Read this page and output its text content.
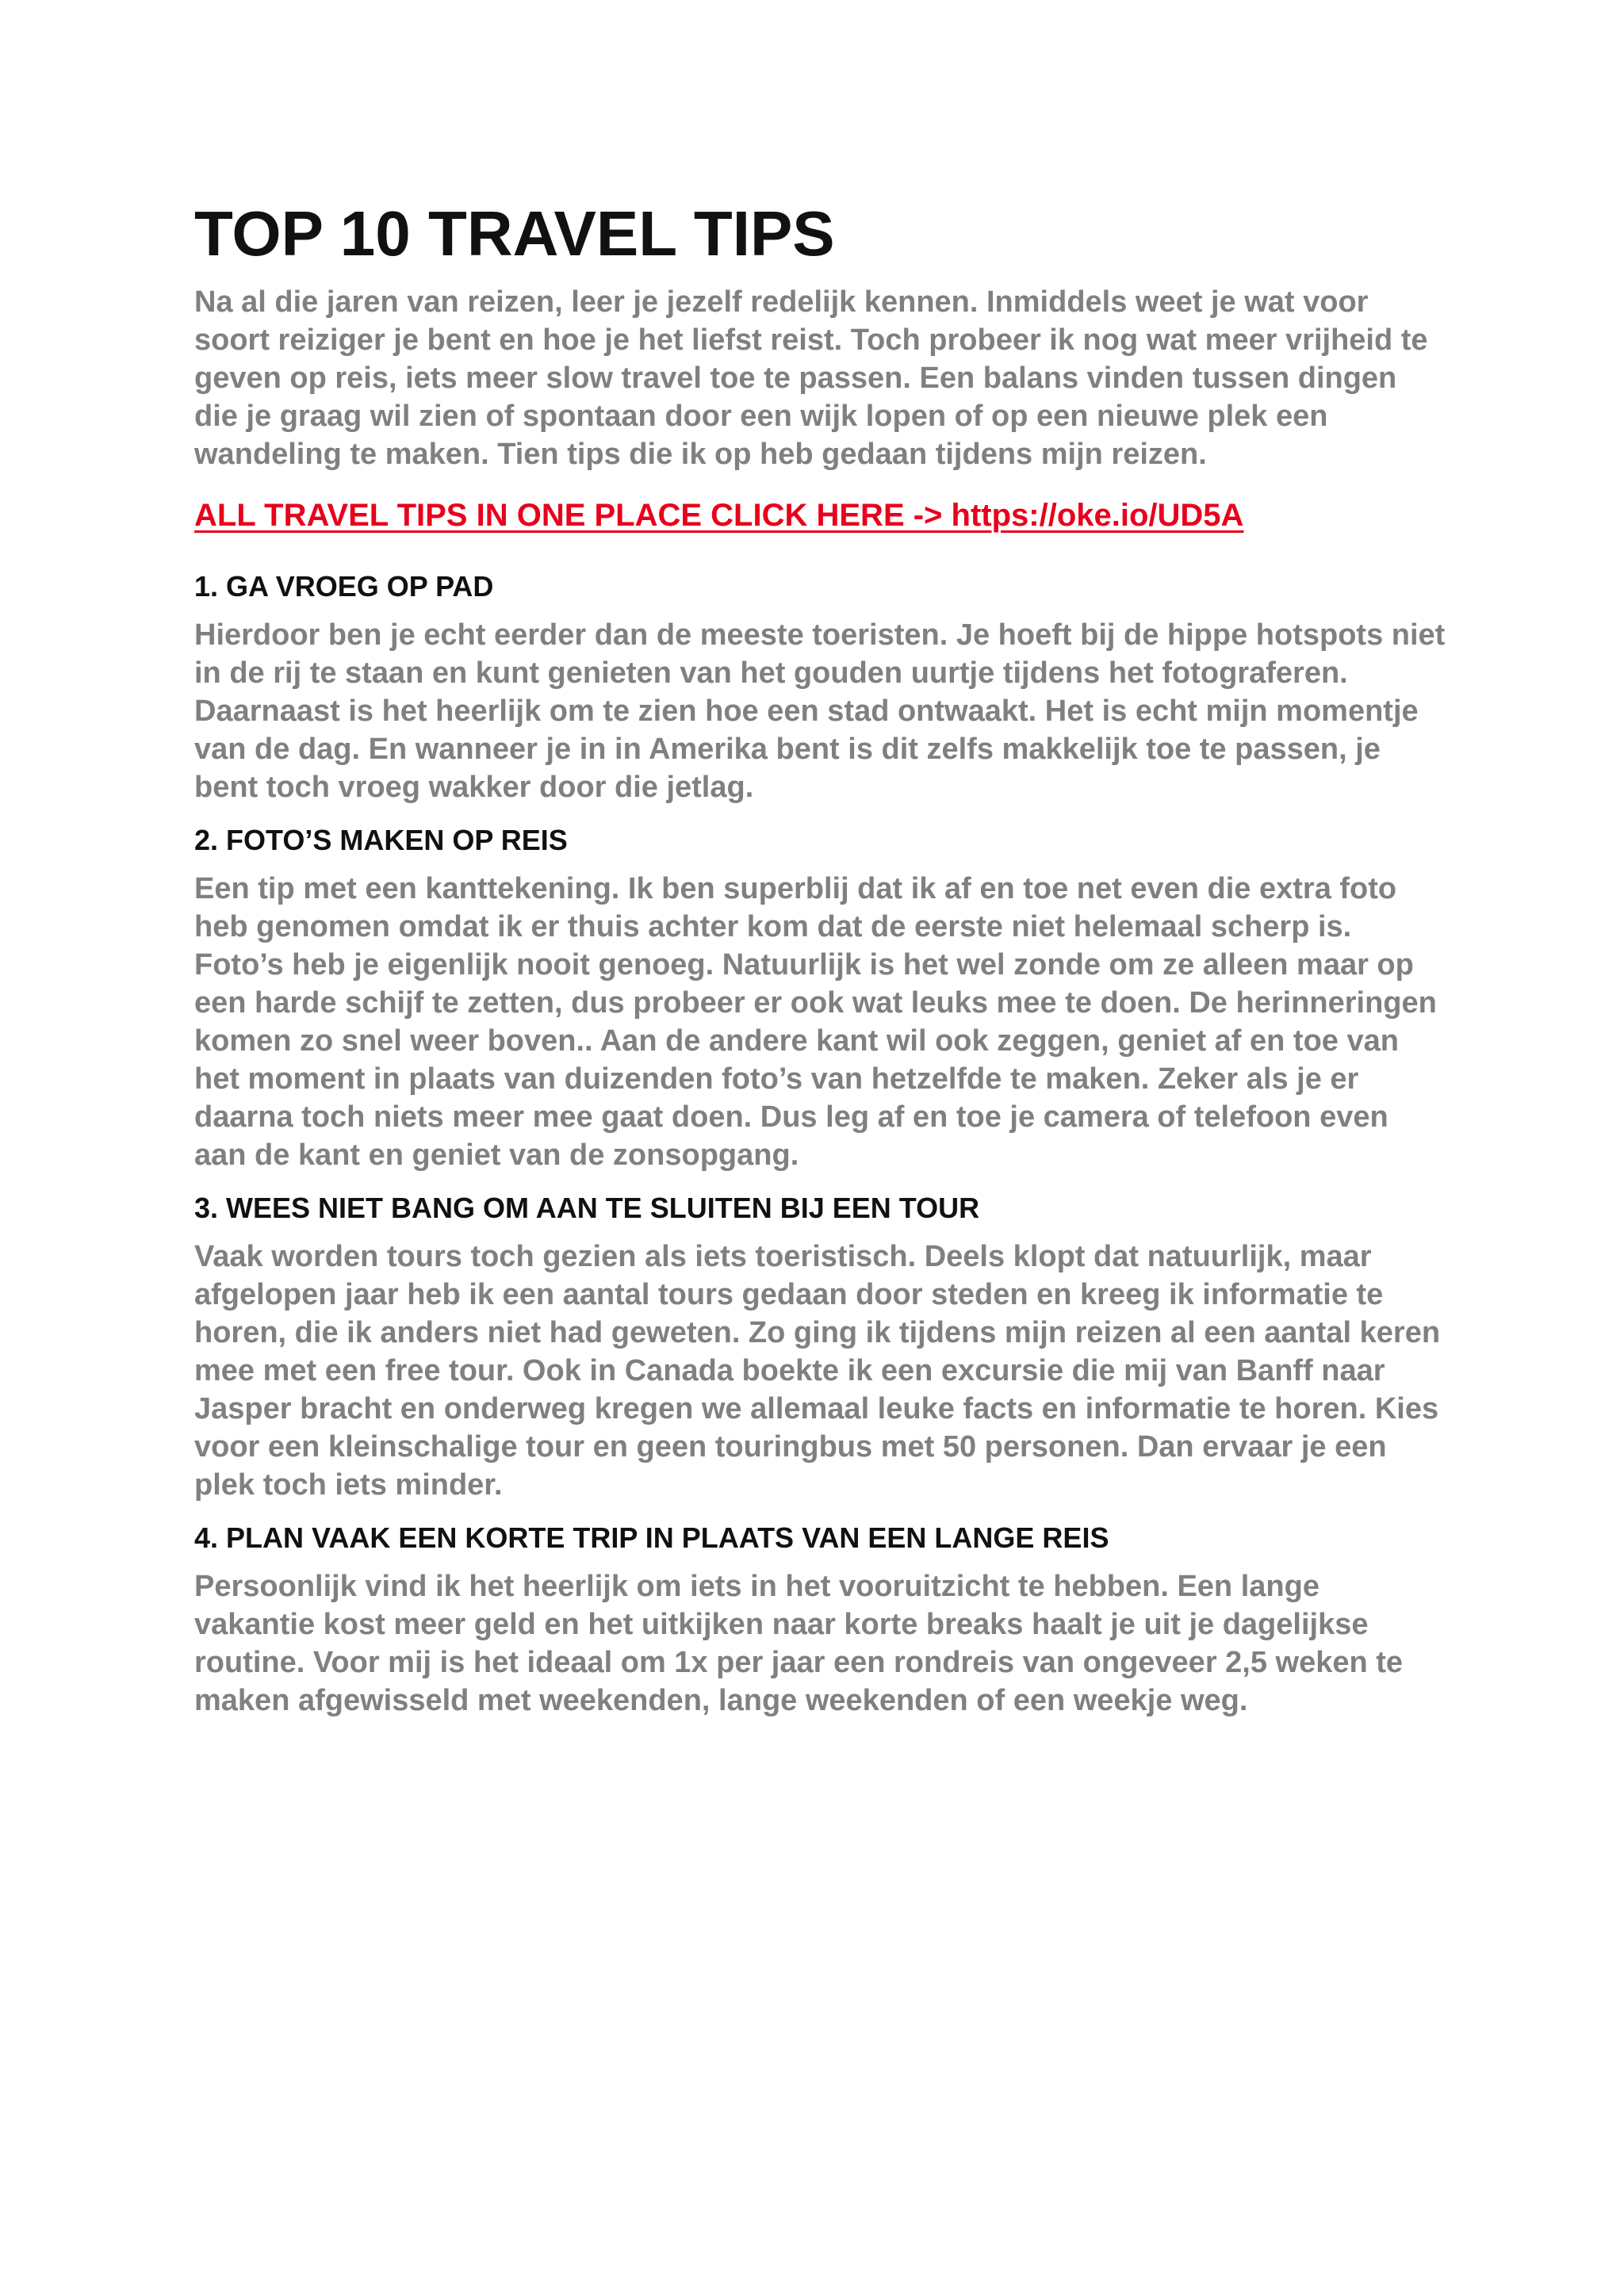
TOP 10 TRAVEL TIPS

Na al die jaren van reizen, leer je jezelf redelijk kennen. Inmiddels weet je wat voor soort reiziger je bent en hoe je het liefst reist. Toch probeer ik nog wat meer vrijheid te geven op reis, iets meer slow travel toe te passen. Een balans vinden tussen dingen die je graag wil zien of spontaan door een wijk lopen of op een nieuwe plek een wandeling te maken. Tien tips die ik op heb gedaan tijdens mijn reizen.

ALL TRAVEL TIPS IN ONE PLACE CLICK HERE -> https://oke.io/UD5A
1. GA VROEG OP PAD

Hierdoor ben je echt eerder dan de meeste toeristen. Je hoeft bij de hippe hotspots niet in de rij te staan en kunt genieten van het gouden uurtje tijdens het fotograferen. Daarnaast is het heerlijk om te zien hoe een stad ontwaakt. Het is echt mijn momentje van de dag. En wanneer je in in Amerika bent is dit zelfs makkelijk toe te passen, je bent toch vroeg wakker door die jetlag.

2. FOTO’S MAKEN OP REIS

Een tip met een kanttekening. Ik ben superblij dat ik af en toe net even die extra foto heb genomen omdat ik er thuis achter kom dat de eerste niet helemaal scherp is. Foto’s heb je eigenlijk nooit genoeg. Natuurlijk is het wel zonde om ze alleen maar op een harde schijf te zetten, dus probeer er ook wat leuks mee te doen. De herinneringen komen zo snel weer boven.. Aan de andere kant wil ook zeggen, geniet af en toe van het moment in plaats van duizenden foto’s van hetzelfde te maken. Zeker als je er daarna toch niets meer mee gaat doen. Dus leg af en toe je camera of telefoon even aan de kant en geniet van de zonsopgang.

3. WEES NIET BANG OM AAN TE SLUITEN BIJ EEN TOUR

Vaak worden tours toch gezien als iets toeristisch. Deels klopt dat natuurlijk, maar afgelopen jaar heb ik een aantal tours gedaan door steden en kreeg ik informatie te horen, die ik anders niet had geweten. Zo ging ik tijdens mijn reizen al een aantal keren mee met een free tour. Ook in Canada boekte ik een excursie die mij van Banff naar Jasper bracht en onderweg kregen we allemaal leuke facts en informatie te horen. Kies voor een kleinschalige tour en geen touringbus met 50 personen. Dan ervaar je een plek toch iets minder.

4. PLAN VAAK EEN KORTE TRIP IN PLAATS VAN EEN LANGE REIS

Persoonlijk vind ik het heerlijk om iets in het vooruitzicht te hebben. Een lange vakantie kost meer geld en het uitkijken naar korte breaks haalt je uit je dagelijkse routine. Voor mij is het ideaal om 1x per jaar een rondreis van ongeveer 2,5 weken te maken afgewisseld met weekenden, lange weekenden of een weekje weg.
